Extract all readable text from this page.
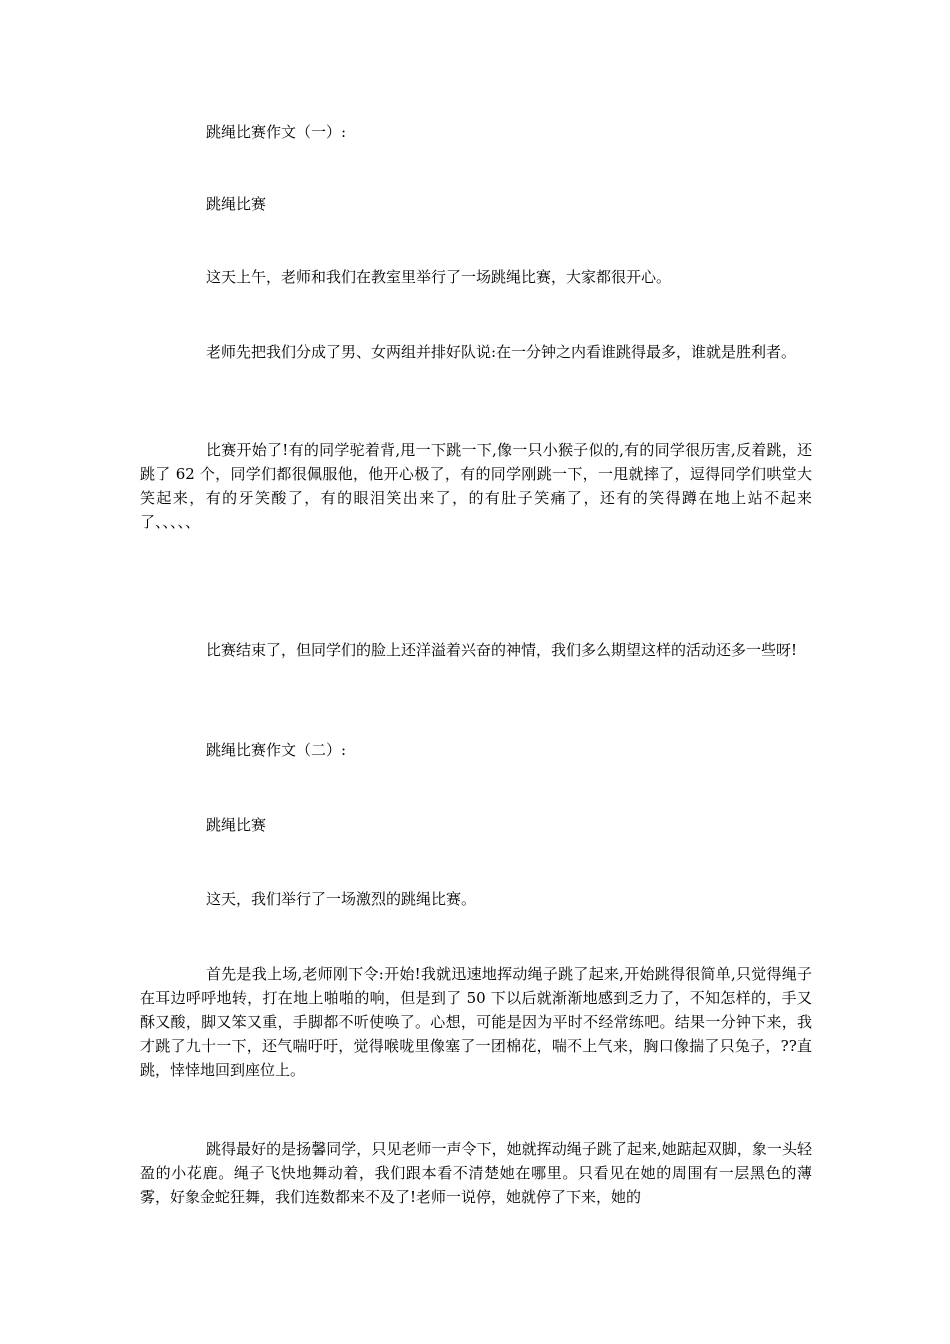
跳绳比赛作文（一）:

跳绳比赛

这天上午，老师和我们在教室里举行了一场跳绳比赛，大家都很开心。

老师先把我们分成了男、女两组并排好队说:在一分钟之内看谁跳得最多，谁就是胜利者。

比赛开始了!有的同学驼着背,甩一下跳一下,像一只小猴子似的,有的同学很历害,反着跳，还跳了 62 个，同学们都很佩服他，他开心极了，有的同学刚跳一下，一甩就摔了，逗得同学们哄堂大笑起来，有的牙笑酸了，有的眼泪笑出来了，的有肚子笑痛了，还有的笑得蹲在地上站不起来了、、、、、

比赛结束了，但同学们的脸上还洋溢着兴奋的神情，我们多么期望这样的活动还多一些呀!

跳绳比赛作文（二）:

跳绳比赛

这天，我们举行了一场激烈的跳绳比赛。

首先是我上场,老师刚下令:开始!我就迅速地挥动绳子跳了起来,开始跳得很简单,只觉得绳子在耳边呼呼地转，打在地上啪啪的响，但是到了 50 下以后就渐渐地感到乏力了，不知怎样的，手又酥又酸，脚又笨又重，手脚都不听使唤了。心想，可能是因为平时不经常练吧。结果一分钟下来，我才跳了九十一下，还气喘吁吁，觉得喉咙里像塞了一团棉花，喘不上气来，胸口像揣了只兔子，??直跳，悻悻地回到座位上。

跳得最好的是扬馨同学，只见老师一声令下，她就挥动绳子跳了起来,她踮起双脚，象一头轻盈的小花鹿。绳子飞快地舞动着，我们跟本看不清楚她在哪里。只看见在她的周围有一层黑色的薄雾，好象金蛇狂舞，我们连数都来不及了!老师一说停，她就停了下来，她的
